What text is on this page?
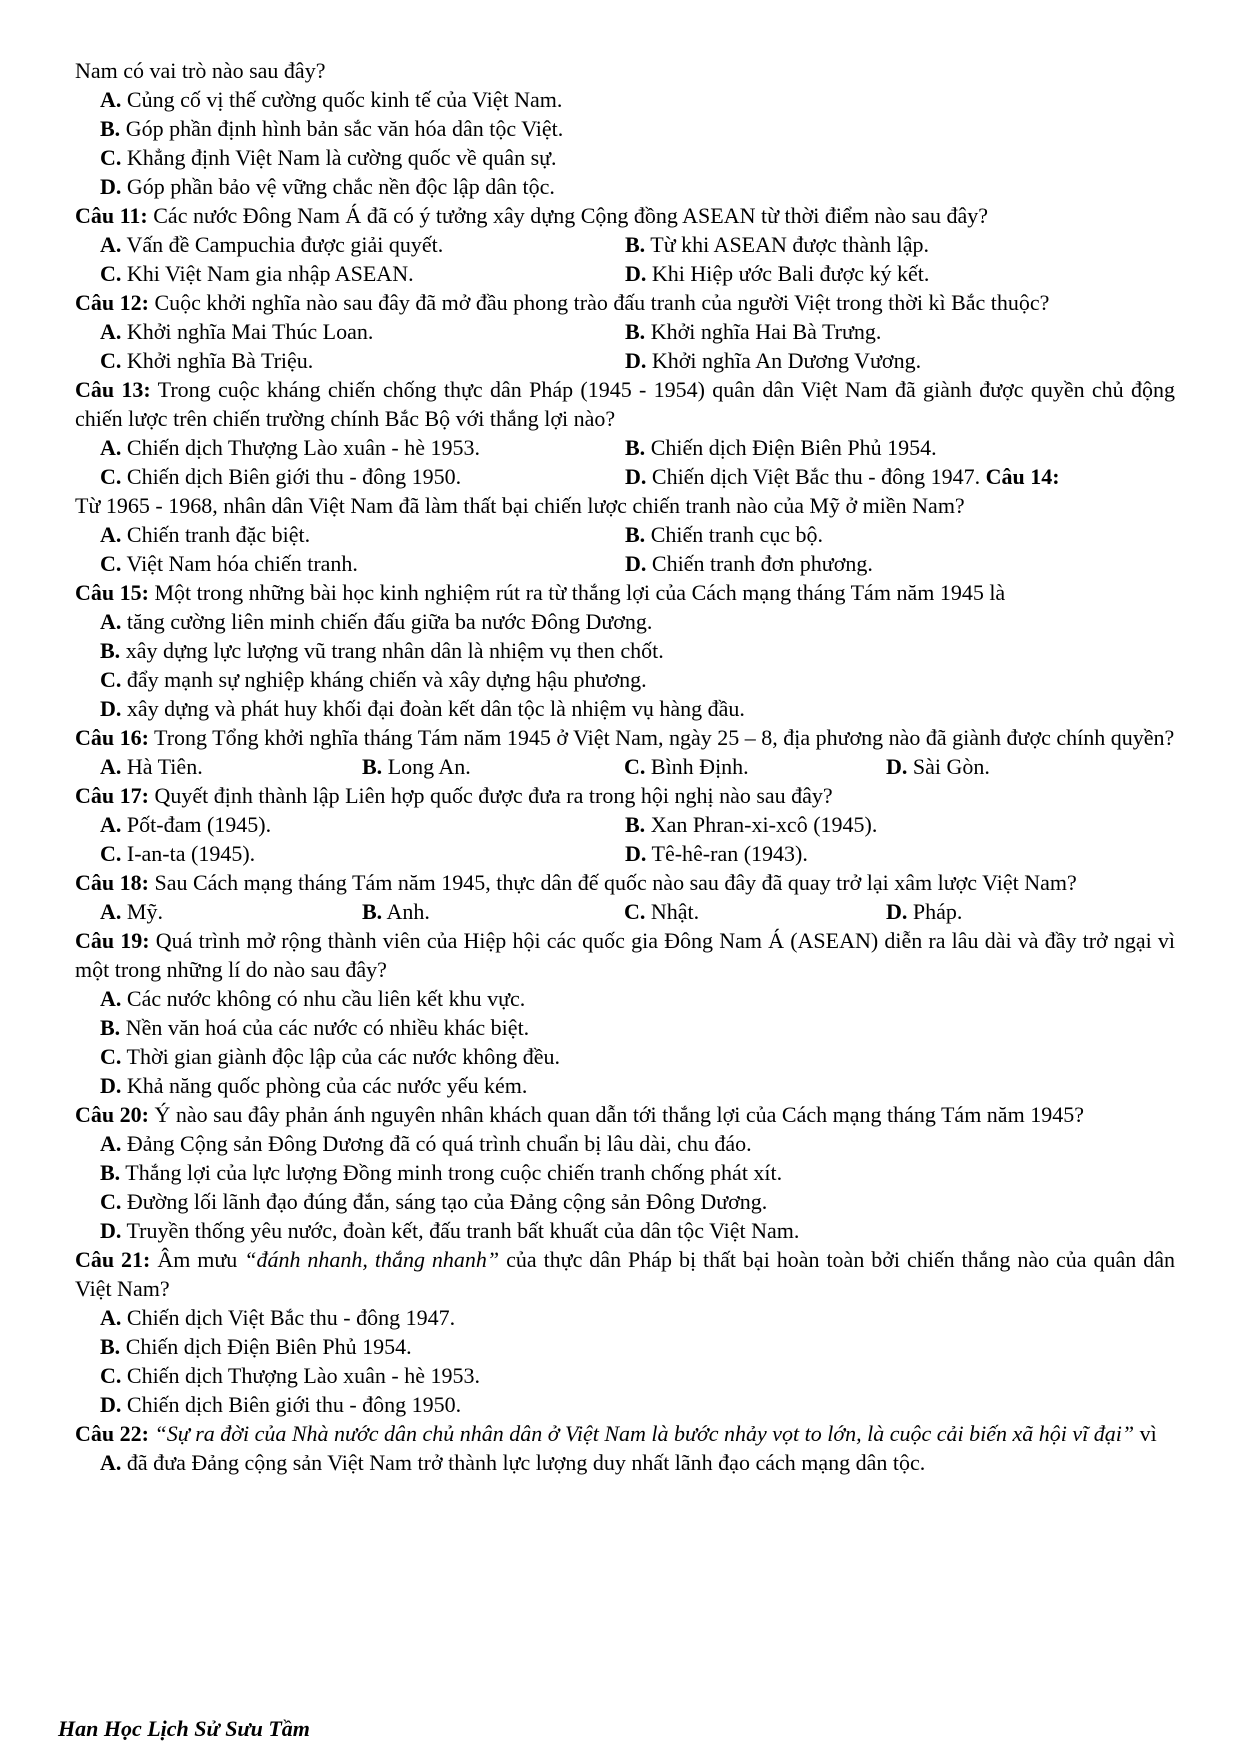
Nam có vai trò nào sau đây?

A. Củng cố vị thế cường quốc kinh tế của Việt Nam.

B. Góp phần định hình bản sắc văn hóa dân tộc Việt.

C. Khẳng định Việt Nam là cường quốc về quân sự.

D. Góp phần bảo vệ vững chắc nền độc lập dân tộc.

Câu 11: Các nước Đông Nam Á đã có ý tưởng xây dựng Cộng đồng ASEAN từ thời điểm nào sau đây?

A. Vấn đề Campuchia được giải quyết.	B. Từ khi ASEAN được thành lập.
C. Khi Việt Nam gia nhập ASEAN.	D. Khi Hiệp ước Bali được ký kết.

Câu 12: Cuộc khởi nghĩa nào sau đây đã mở đầu phong trào đấu tranh của người Việt trong thời kì Bắc thuộc?

A. Khởi nghĩa Mai Thúc Loan.	B. Khởi nghĩa Hai Bà Trưng.
C. Khởi nghĩa Bà Triệu.	D. Khởi nghĩa An Dương Vương.

Câu 13: Trong cuộc kháng chiến chống thực dân Pháp (1945 - 1954) quân dân Việt Nam đã giành được quyền chủ động chiến lược trên chiến trường chính Bắc Bộ với thắng lợi nào?

A. Chiến dịch Thượng Lào xuân - hè 1953.	B. Chiến dịch Điện Biên Phủ 1954.
C. Chiến dịch Biên giới thu - đông 1950.	D. Chiến dịch Việt Bắc thu - đông 1947. Câu 14:

Từ 1965 - 1968, nhân dân Việt Nam đã làm thất bại chiến lược chiến tranh nào của Mỹ ở miền Nam?

A. Chiến tranh đặc biệt.	B. Chiến tranh cục bộ.
C. Việt Nam hóa chiến tranh.	D. Chiến tranh đơn phương.

Câu 15: Một trong những bài học kinh nghiệm rút ra từ thắng lợi của Cách mạng tháng Tám năm 1945 là

A. tăng cường liên minh chiến đấu giữa ba nước Đông Dương.

B. xây dựng lực lượng vũ trang nhân dân là nhiệm vụ then chốt.

C. đẩy mạnh sự nghiệp kháng chiến và xây dựng hậu phương.

D. xây dựng và phát huy khối đại đoàn kết dân tộc là nhiệm vụ hàng đầu.

Câu 16: Trong Tổng khởi nghĩa tháng Tám năm 1945 ở Việt Nam, ngày 25 – 8, địa phương nào đã giành được chính quyền?

A. Hà Tiên.	B. Long An.	C. Bình Định.	D. Sài Gòn.

Câu 17: Quyết định thành lập Liên hợp quốc được đưa ra trong hội nghị nào sau đây?

A. Pốt-đam (1945).	B. Xan Phran-xi-xcô (1945).
C. I-an-ta (1945).	D. Tê-hê-ran (1943).

Câu 18: Sau Cách mạng tháng Tám năm 1945, thực dân đế quốc nào sau đây đã quay trở lại xâm lược Việt Nam?

A. Mỹ.	B. Anh.	C. Nhật.	D. Pháp.

Câu 19: Quá trình mở rộng thành viên của Hiệp hội các quốc gia Đông Nam Á (ASEAN) diễn ra lâu dài và đầy trở ngại vì một trong những lí do nào sau đây?

A. Các nước không có nhu cầu liên kết khu vực.

B. Nền văn hoá của các nước có nhiều khác biệt.

C. Thời gian giành độc lập của các nước không đều.

D. Khả năng quốc phòng của các nước yếu kém.

Câu 20: Ý nào sau đây phản ánh nguyên nhân khách quan dẫn tới thắng lợi của Cách mạng tháng Tám năm 1945?

A. Đảng Cộng sản Đông Dương đã có quá trình chuẩn bị lâu dài, chu đáo.

B. Thắng lợi của lực lượng Đồng minh trong cuộc chiến tranh chống phát xít.

C. Đường lối lãnh đạo đúng đắn, sáng tạo của Đảng cộng sản Đông Dương.

D. Truyền thống yêu nước, đoàn kết, đấu tranh bất khuất của dân tộc Việt Nam.

Câu 21: Âm mưu “đánh nhanh, thắng nhanh” của thực dân Pháp bị thất bại hoàn toàn bởi chiến thắng nào của quân dân Việt Nam?

A. Chiến dịch Việt Bắc thu - đông 1947.

B. Chiến dịch Điện Biên Phủ 1954.

C. Chiến dịch Thượng Lào xuân - hè 1953.

D. Chiến dịch Biên giới thu - đông 1950.

Câu 22: “Sự ra đời của Nhà nước dân chủ nhân dân ở Việt Nam là bước nhảy vọt to lớn, là cuộc cải biến xã hội vĩ đại” vì

A. đã đưa Đảng cộng sản Việt Nam trở thành lực lượng duy nhất lãnh đạo cách mạng dân tộc.

Han Học Lịch Sử Sưu Tầm
